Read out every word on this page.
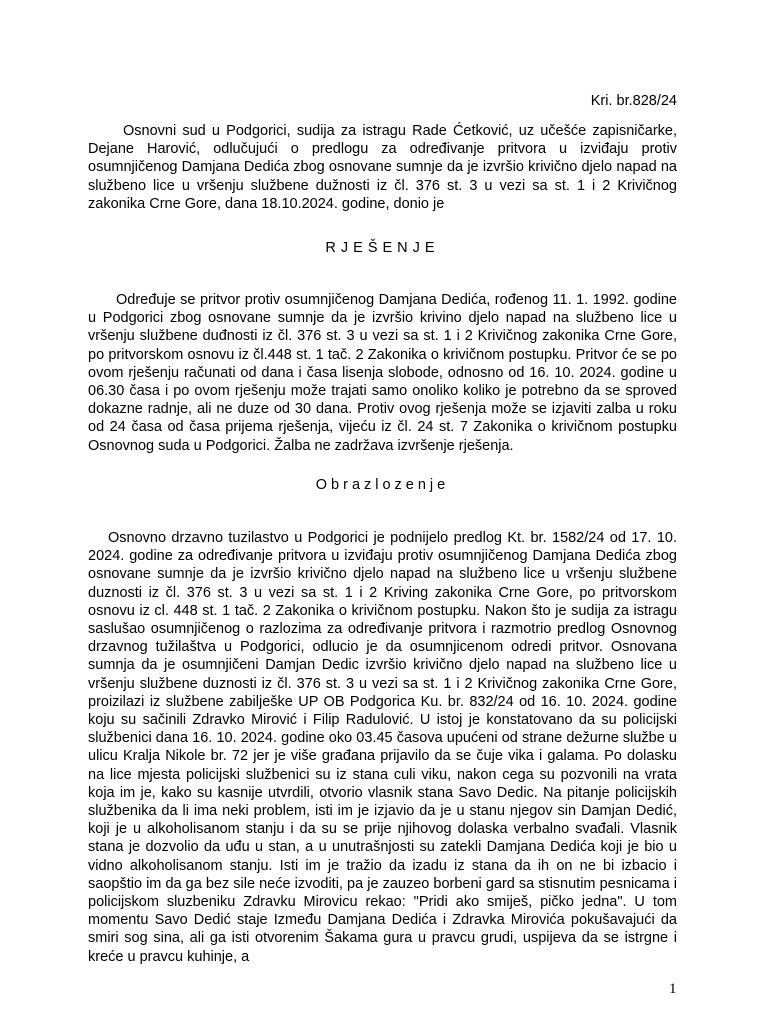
Kri. br.828/24

Osnovni sud u Podgorici, sudija za istragu Rade Ćetković, uz učešće zapisničarke, Dejane Harović, odlučujući o predlogu za određivanje pritvora u izviđaju protiv osumnjičenog Damjana Dedića zbog osnovane sumnje da je izvršio krivično djelo napad na službeno lice u vršenju službene dužnosti iz čl. 376 st. 3 u vezi sa st. 1 i 2 Krivičnog zakonika Crne Gore, dana 18.10.2024. godine, donio je

RJEŠENJE

Određuje se pritvor protiv osumnjičenog Damjana Dedića, rođenog 11. 1. 1992. godine u Podgorici zbog osnovane sumnje da je izvršio krivino djelo napad na službeno lice u vršenju službene duđnosti iz čl. 376 st. 3 u vezi sa st. 1 i 2 Krivičnog zakonika Crne Gore, po pritvorskom osnovu iz čl.448 st. 1 tač. 2 Zakonika o krivičnom postupku. Pritvor će se po ovom rješenju računati od dana i časa lisenja slobode, odnosno od 16. 10. 2024. godine u 06.30 časa i po ovom rješenju može trajati samo onoliko koliko je potrebno da se sproved dokazne radnje, ali ne duze od 30 dana. Protiv ovog rješenja može se izjaviti zalba u roku od 24 časa od časa prijema rješenja, vijeću iz čl. 24 st. 7 Zakonika o krivičnom postupku Osnovnog suda u Podgorici. Žalba ne zadržava izvršenje rješenja.

Obrazlozenje

Osnovno drzavno tuzilastvo u Podgorici je podnijelo predlog Kt. br. 1582/24 od 17. 10. 2024. godine za određivanje pritvora u izviđaju protiv osumnjičenog Damjana Dedića zbog osnovane sumnje da je izvršio krivično djelo napad na službeno lice u vršenju službene duznosti iz čl. 376 st. 3 u vezi sa st. 1 i 2 Kriving zakonika Crne Gore, po pritvorskom osnovu iz cl. 448 st. 1 tač. 2 Zakonika o krivičnom postupku. Nakon što je sudija za istragu saslušao osumnjičenog o razlozima za određivanje pritvora i razmotrio predlog Osnovnog drzavnog tužilaštva u Podgorici, odlucio je da osumnjicenom odredi pritvor. Osnovana sumnja da je osumnjičeni Damjan Dedic izvršio krivično djelo napad na službeno lice u vršenju službene duznosti iz čl. 376 st. 3 u vezi sa st. 1 i 2 Krivičnog zakonika Crne Gore, proizilazi iz službene zabilješke UP OB Podgorica Ku. br. 832/24 od 16. 10. 2024. godine koju su sačinili Zdravko Mirović i Filip Radulović. U istoj je konstatovano da su policijski službenici dana 16. 10. 2024. godine oko 03.45 časova upućeni od strane dežurne službe u ulicu Kralja Nikole br. 72 jer je više građana prijavilo da se čuje vika i galama. Po dolasku na lice mjesta policijski službenici su iz stana culi viku, nakon cega su pozvonili na vrata koja im je, kako su kasnije utvrdili, otvorio vlasnik stana Savo Dedic. Na pitanje policijskih službenika da li ima neki problem, isti im je izjavio da je u stanu njegov sin Damjan Dedić, koji je u alkoholisanom stanju i da su se prije njihovog dolaska verbalno svađali. Vlasnik stana je dozvolio da uđu u stan, a u unutrašnjosti su zatekli Damjana Dedića koji je bio u vidno alkoholisanom stanju. Isti im je tražio da izadu iz stana da ih on ne bi izbacio i saopštio im da ga bez sile neće izvoditi, pa je zauzeo borbeni gard sa stisnutim pesnicama i policijskom sluzbeniku Zdravku Mirovicu rekao: "Pridi ako smiješ, pičko jedna". U tom momentu Savo Dedić staje Između Damjana Dedića i Zdravka Mirovića pokušavajući da smiri sog sina, ali ga isti otvorenim Šakama gura u pravcu grudi, uspijeva da se istrgne i kreće u pravcu kuhinje, a

1
